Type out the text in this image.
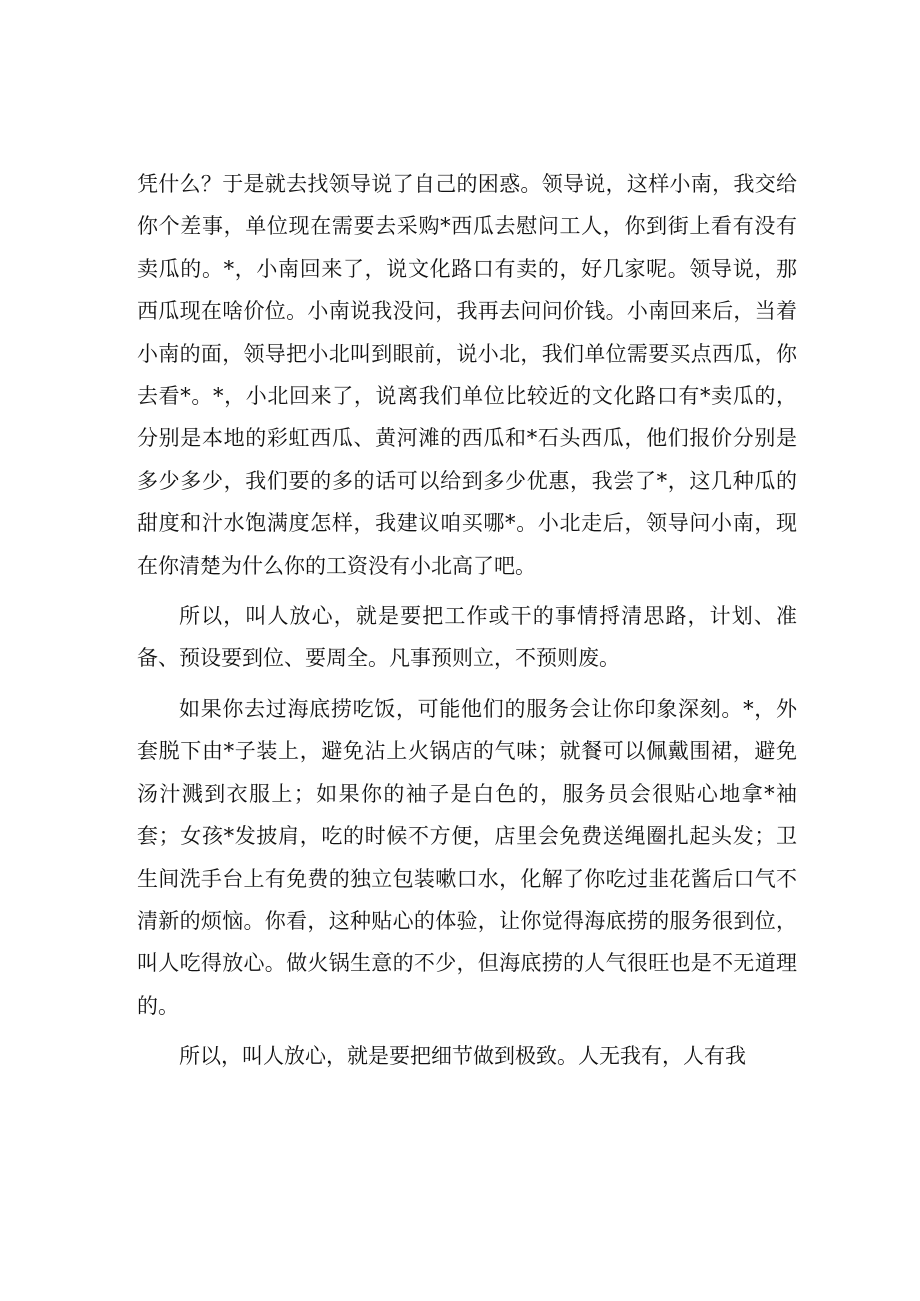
凭什么？于是就去找领导说了自己的困惑。领导说，这样小南，我交给你个差事，单位现在需要去采购*西瓜去慰问工人，你到街上看有没有卖瓜的。*，小南回来了，说文化路口有卖的，好几家呢。领导说，那西瓜现在啥价位。小南说我没问，我再去问问价钱。小南回来后，当着小南的面，领导把小北叫到眼前，说小北，我们单位需要买点西瓜，你去看*。*，小北回来了，说离我们单位比较近的文化路口有*卖瓜的，分别是本地的彩虹西瓜、黄河滩的西瓜和*石头西瓜，他们报价分别是多少多少，我们要的多的话可以给到多少优惠，我尝了*，这几种瓜的甜度和汁水饱满度怎样，我建议咱买哪*。小北走后，领导问小南，现在你清楚为什么你的工资没有小北高了吧。

所以，叫人放心，就是要把工作或干的事情捋清思路，计划、准备、预设要到位、要周全。凡事预则立，不预则废。

如果你去过海底捞吃饭，可能他们的服务会让你印象深刻。*，外套脱下由*子装上，避免沾上火锅店的气味；就餐可以佩戴围裙，避免汤汁溅到衣服上；如果你的袖子是白色的，服务员会很贴心地拿*袖套；女孩*发披肩，吃的时候不方便，店里会免费送绳圈扎起头发；卫生间洗手台上有免费的独立包装嗽口水，化解了你吃过韭花酱后口气不清新的烦恼。你看，这种贴心的体验，让你觉得海底捞的服务很到位，叫人吃得放心。做火锅生意的不少，但海底捞的人气很旺也是不无道理的。

所以，叫人放心，就是要把细节做到极致。人无我有，人有我
